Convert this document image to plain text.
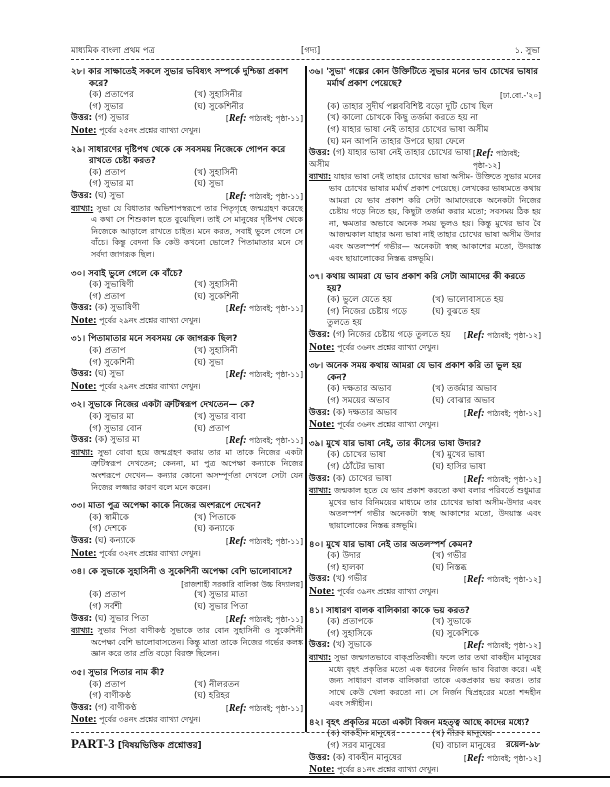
মাধ্যমিক বাংলা প্রথম পত্র	[গদ্য]	১. সুভা
২৮। কার সাক্ষাতেই সকলে সুভার ভবিষ্যৎ সম্পর্কে দুশ্চিন্তা প্রকাশ করে?
(ক) প্রতাপের	(খ) সুহাসিনীর
(গ) সুভার	(ঘ) সুকেশিনীর
উত্তর: (গ) সুভার	[Ref: পাঠ্যবই; পৃষ্ঠা-১১]
Note: পূর্বের ২৫নং প্রশ্নের ব্যাখ্যা দেখুন।
২৯। সাধারণের দৃষ্টিপথ থেকে কে সবসময় নিজেকে গোপন করে রাখতে চেষ্টা করত?
(ক) প্রতাপ	(খ) সুহাসিনী
(গ) সুভার মা	(ঘ) সুভা
উত্তর: (ঘ) সুভা	[Ref: পাঠ্যবই; পৃষ্ঠা-১১]
ব্যাখ্যা: সুভা যে বিধাতার অভিশাপস্বরূপে তার পিতৃগৃহে জন্মগ্রহণ করেছে এ কথা সে শিশুকাল হতে বুঝেছিল। তাই সে মানুষের দৃষ্টিপথ থেকে নিজেকে আড়ালে রাখতে চাইত। মনে করত, সবাই ভুলে গেলে সে বাঁচে। কিন্তু বেদনা কি কেউ কখনো ভোলে? পিতামাতার মনে সে সর্বদা জাগরূক ছিল।
৩০। সবাই ভুলে গেলে কে বাঁচে?
(ক) সুভাষিণী	(খ) সুহাসিনী
(গ) প্রতাপ	(ঘ) সুকেশিনী
উত্তর: (ক) সুভাষিণী	[Ref: পাঠ্যবই; পৃষ্ঠা-১১]
Note: পূর্বের ২৯নং প্রশ্নের ব্যাখ্যা দেখুন।
৩১। পিতামাতার মনে সবসময় কে জাগরূক ছিল?
(ক) প্রতাপ	(খ) সুহাসিনী
(গ) সুকেশিনী	(ঘ) সুভা
উত্তর: (ঘ) সুভা	[Ref: পাঠ্যবই; পৃষ্ঠা-১১]
Note: পূর্বের ২৯নং প্রশ্নের ব্যাখ্যা দেখুন।
৩২। সুভাকে নিজের একটা ত্রুটিস্বরূপ দেখতেন— কে?
(ক) সুভার মা	(খ) সুভার বাবা
(গ) সুভার বোন	(ঘ) প্রতাপ
উত্তর: (ক) সুভার মা	[Ref: পাঠ্যবই; পৃষ্ঠা-১১]
ব্যাখ্যা: সুভা বোবা হয়ে জন্মগ্রহণ করায় তার মা তাকে নিজের একটা ত্রুটিস্বরূপ দেখতেন; কেননা, মা পুত্র অপেক্ষা কন্যাকে নিজের অংশরূপে দেখেন— কন্যার কোনো অসম্পূর্ণতা দেখলে সেটা যেন নিজের লজ্জার কারণ বলে মনে করেন।
৩৩। মাতা পুত্র অপেক্ষা কাকে নিজের অংশরূপে দেখেন?
(ক) স্বামীকে	(খ) পিতাকে
(গ) দেশকে	(ঘ) কন্যাকে
উত্তর: (ঘ) কন্যাকে	[Ref: পাঠ্যবই; পৃষ্ঠা-১১]
Note: পূর্বের ৩২নং প্রশ্নের ব্যাখ্যা দেখুন।
৩৪। কে সুভাকে সুহাসিনী ও সুকেশিনী অপেক্ষা বেশি ভালোবাসে?
[রাজশাহী সরকারি বালিকা উচ্চ বিদ্যালয়]
(ক) প্রতাপ	(খ) সুভার মাতা
(গ) সর্বশী	(ঘ) সুভার পিতা
উত্তর: (ঘ) সুভার পিতা	[Ref: পাঠ্যবই; পৃষ্ঠা-১১]
ব্যাখ্যা: সুভার পিতা বাণীকণ্ঠ সুভাকে তার বোন সুহাসিনী ও সুকেশিনী অপেক্ষা বেশি ভালোবাসতেন। কিন্তু মাতা তাকে নিজের গর্ভের কলঙ্ক জ্ঞান করে তার প্রতি বড়ো বিরক্ত ছিলেন।
৩৫। সুভার পিতার নাম কী?
(ক) প্রতাপ	(খ) নীলরতন
(গ) বাণীকণ্ঠ	(ঘ) হরিহর
উত্তর: (গ) বাণীকণ্ঠ	[Ref: পাঠ্যবই; পৃষ্ঠা-১১]
Note: পূর্বের ৩৪নং প্রশ্নের ব্যাখ্যা দেখুন।
৩৬। 'সুভা' গল্পের কোন উক্তিটিতে সুভার মনের ভাব চোখের ভাষার মর্মার্থ প্রকাশ পেয়েছে?
[ঢা.বো.-'২০]
(ক) তাহার সুদীর্ঘ পল্লববিশিষ্ট বড়ো দুটি চোখ ছিল
(খ) কালো চোখকে কিছু তর্জমা করতে হয় না
(গ) যাহার ভাষা নেই তাহার চোখের ভাষা অসীম
(ঘ) মন আপনি তাহার উপরে ছায়া ফেলে
উত্তর: (গ) যাহার ভাষা নেই তাহার চোখের ভাষা অসীম
[Ref: পাঠ্যবই; পৃষ্ঠা-১২]
ব্যাখ্যা: যাহার ভাষা নেই তাহার চোখের ভাষা অসীম- উক্তিতে সুভার মনের ভাব চোখের ভাষার মর্মার্থ প্রকাশ পেয়েছে। লেখকের ভাষ্যমতে কথায় আমরা যে ভাব প্রকাশ করি সেটা আমাদেরকে অনেকটা নিজের চেষ্টায় গড়ে নিতে হয়, কিছুটা তর্জমা করার মতো; সবসময় ঠিক হয় না, ক্ষমতার অভাবে অনেক সময় ভুলও হয়। কিন্তু মুখের ভাব বৈ আজন্মকাল যাহার অন্য ভাষা নাই তাহার চোখের ভাষা অসীম উদার এবং অতলস্পর্শ গভীর— অনেকটা স্বচ্ছ আকাশের মতো, উদয়াস্ত এবং ছায়ালোকের নিস্তব্ধ রঙ্গভূমি।
৩৭। কথায় আমরা যে ভাব প্রকাশ করি সেটা আমাদের কী করতে হয়?
(ক) ভুলে যেতে হয়	(খ) ভালোবাসতে হয়
(গ) নিজের চেষ্টায় গড়ে তুলতে হয়
(ঘ) বুঝতে হয়
উত্তর: (গ) নিজের চেষ্টায় গড়ে তুলতে হয় [Ref: পাঠ্যবই; পৃষ্ঠা-১২]
Note: পূর্বের ৩৬নং প্রশ্নের ব্যাখ্যা দেখুন।
৩৮। অনেক সময় কথায় আমরা যে ভাব প্রকাশ করি তা ভুল হয় কেন?
(ক) দক্ষতার অভাব	(খ) তর্জমার অভাব
(গ) সময়ের অভাব	(ঘ) বোঝার অভাব
উত্তর: (ক) দক্ষতার অভাব	[Ref: পাঠ্যবই; পৃষ্ঠা-১২]
Note: পূর্বের ৩৬নং প্রশ্নের ব্যাখ্যা দেখুন।
৩৯। মুখে যার ভাষা নেই, তার কীসের ভাষা উদার?
(ক) চোখের ভাষা	(খ) মুখের ভাষা
(গ) ঠোঁটের ভাষা	(ঘ) হাসির ভাষা
উত্তর: (ক) চোখের ভাষা	[Ref: পাঠ্যবই; পৃষ্ঠা-১২]
ব্যাখ্যা: জন্মকাল হতে যে ভাব প্রকাশ করতো কথা বলার পরিবর্তে শুধুমাত্র মুখের ভাব বিনিময়ের মাধ্যমে তার চোখের ভাষা অসীম-উদার এবং অতলস্পর্শ গভীর অনেকটা স্বচ্ছ আকাশের মতো, উদয়াস্ত এবং ছায়ালোকের নিস্তব্ধ রঙ্গভূমি।
৪০। মুখে যার ভাষা নেই তার অতলস্পর্শ কেমন?
(ক) উদার	(খ) গভীর
(গ) হালকা	(ঘ) নিস্তব্ধ
উত্তর: (খ) গভীর	[Ref: পাঠ্যবই; পৃষ্ঠা-১২]
Note: পূর্বের ৩৯নং প্রশ্নের ব্যাখ্যা দেখুন।
৪১। সাধারণ বালক বালিকারা কাকে ভয় করত?
(ক) প্রতাপকে	(খ) সুভাকে
(গ) সুহাসিকে	(ঘ) সুকেশিকে
উত্তর: (খ) সুভাকে	[Ref: পাঠ্যবই; পৃষ্ঠা-১২]
ব্যাখ্যা: সুভা জন্মগতভাবে বাক্‌প্রতিবন্ধী। ফলে তার তথা বাকহীন মানুষের মধ্যে বৃহৎ প্রকৃতির মতো এক ধরনের নির্জন ভাব বিরাজ করে। এই জন্য সাধারণ বালক বালিকারা তাকে একপ্রকার ভয় করত। তার সাথে কেউ খেলা করতো না। সে নির্জন দ্বিপ্রহরের মতো শব্দহীন এবং সঙ্গীহীন।
৪২। বৃহৎ প্রকৃতির মতো একটা বিজন মহত্ত্ব আছে কাদের মধ্যে?
(ক) বাকহীন মানুষের	(খ) নীরব মানুষের
(গ) সরব মানুষের	(ঘ) বাচাল মানুষের
উত্তর: (ক) বাকহীন মানুষের	[Ref: পাঠ্যবই; পৃষ্ঠা-১২]
Note: পূর্বের ৪১নং প্রশ্নের ব্যাখ্যা দেখুন।
PART-3 [বিষয়ভিত্তিক প্রশ্নোত্তর]	রয়েল-৯৮
